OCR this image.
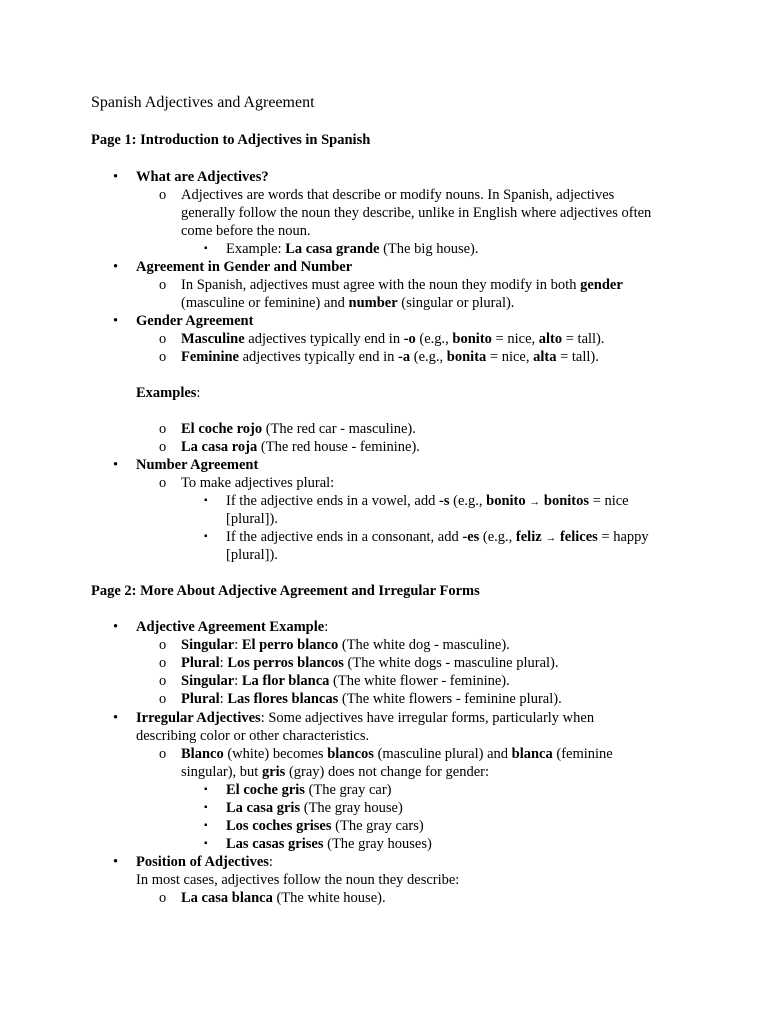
Spanish Adjectives and Agreement
Page 1: Introduction to Adjectives in Spanish
• What are Adjectives?
o Adjectives are words that describe or modify nouns. In Spanish, adjectives
generally follow the noun they describe, unlike in English where adjectives often
come before the noun.
▪ Example: La casa grande (The big house).
• Agreement in Gender and Number
o In Spanish, adjectives must agree with the noun they modify in both gender
(masculine or feminine) and number (singular or plural).
• Gender Agreement
o Masculine adjectives typically end in -o (e.g., bonito = nice, alto = tall).
o Feminine adjectives typically end in -a (e.g., bonita = nice, alta = tall).
Examples:
o El coche rojo (The red car - masculine).
o La casa roja (The red house - feminine).
• Number Agreement
o To make adjectives plural:
▪ If the adjective ends in a vowel, add -s (e.g., bonito → bonitos = nice
[plural]).
▪ If the adjective ends in a consonant, add -es (e.g., feliz → felices = happy
[plural]).
Page 2: More About Adjective Agreement and Irregular Forms
• Adjective Agreement Example:
o Singular: El perro blanco (The white dog - masculine).
o Plural: Los perros blancos (The white dogs - masculine plural).
o Singular: La flor blanca (The white flower - feminine).
o Plural: Las flores blancas (The white flowers - feminine plural).
• Irregular Adjectives: Some adjectives have irregular forms, particularly when
describing color or other characteristics.
o Blanco (white) becomes blancos (masculine plural) and blanca (feminine
singular), but gris (gray) does not change for gender:
▪ El coche gris (The gray car)
▪ La casa gris (The gray house)
▪ Los coches grises (The gray cars)
▪ Las casas grises (The gray houses)
• Position of Adjectives:
In most cases, adjectives follow the noun they describe:
o La casa blanca (The white house).
